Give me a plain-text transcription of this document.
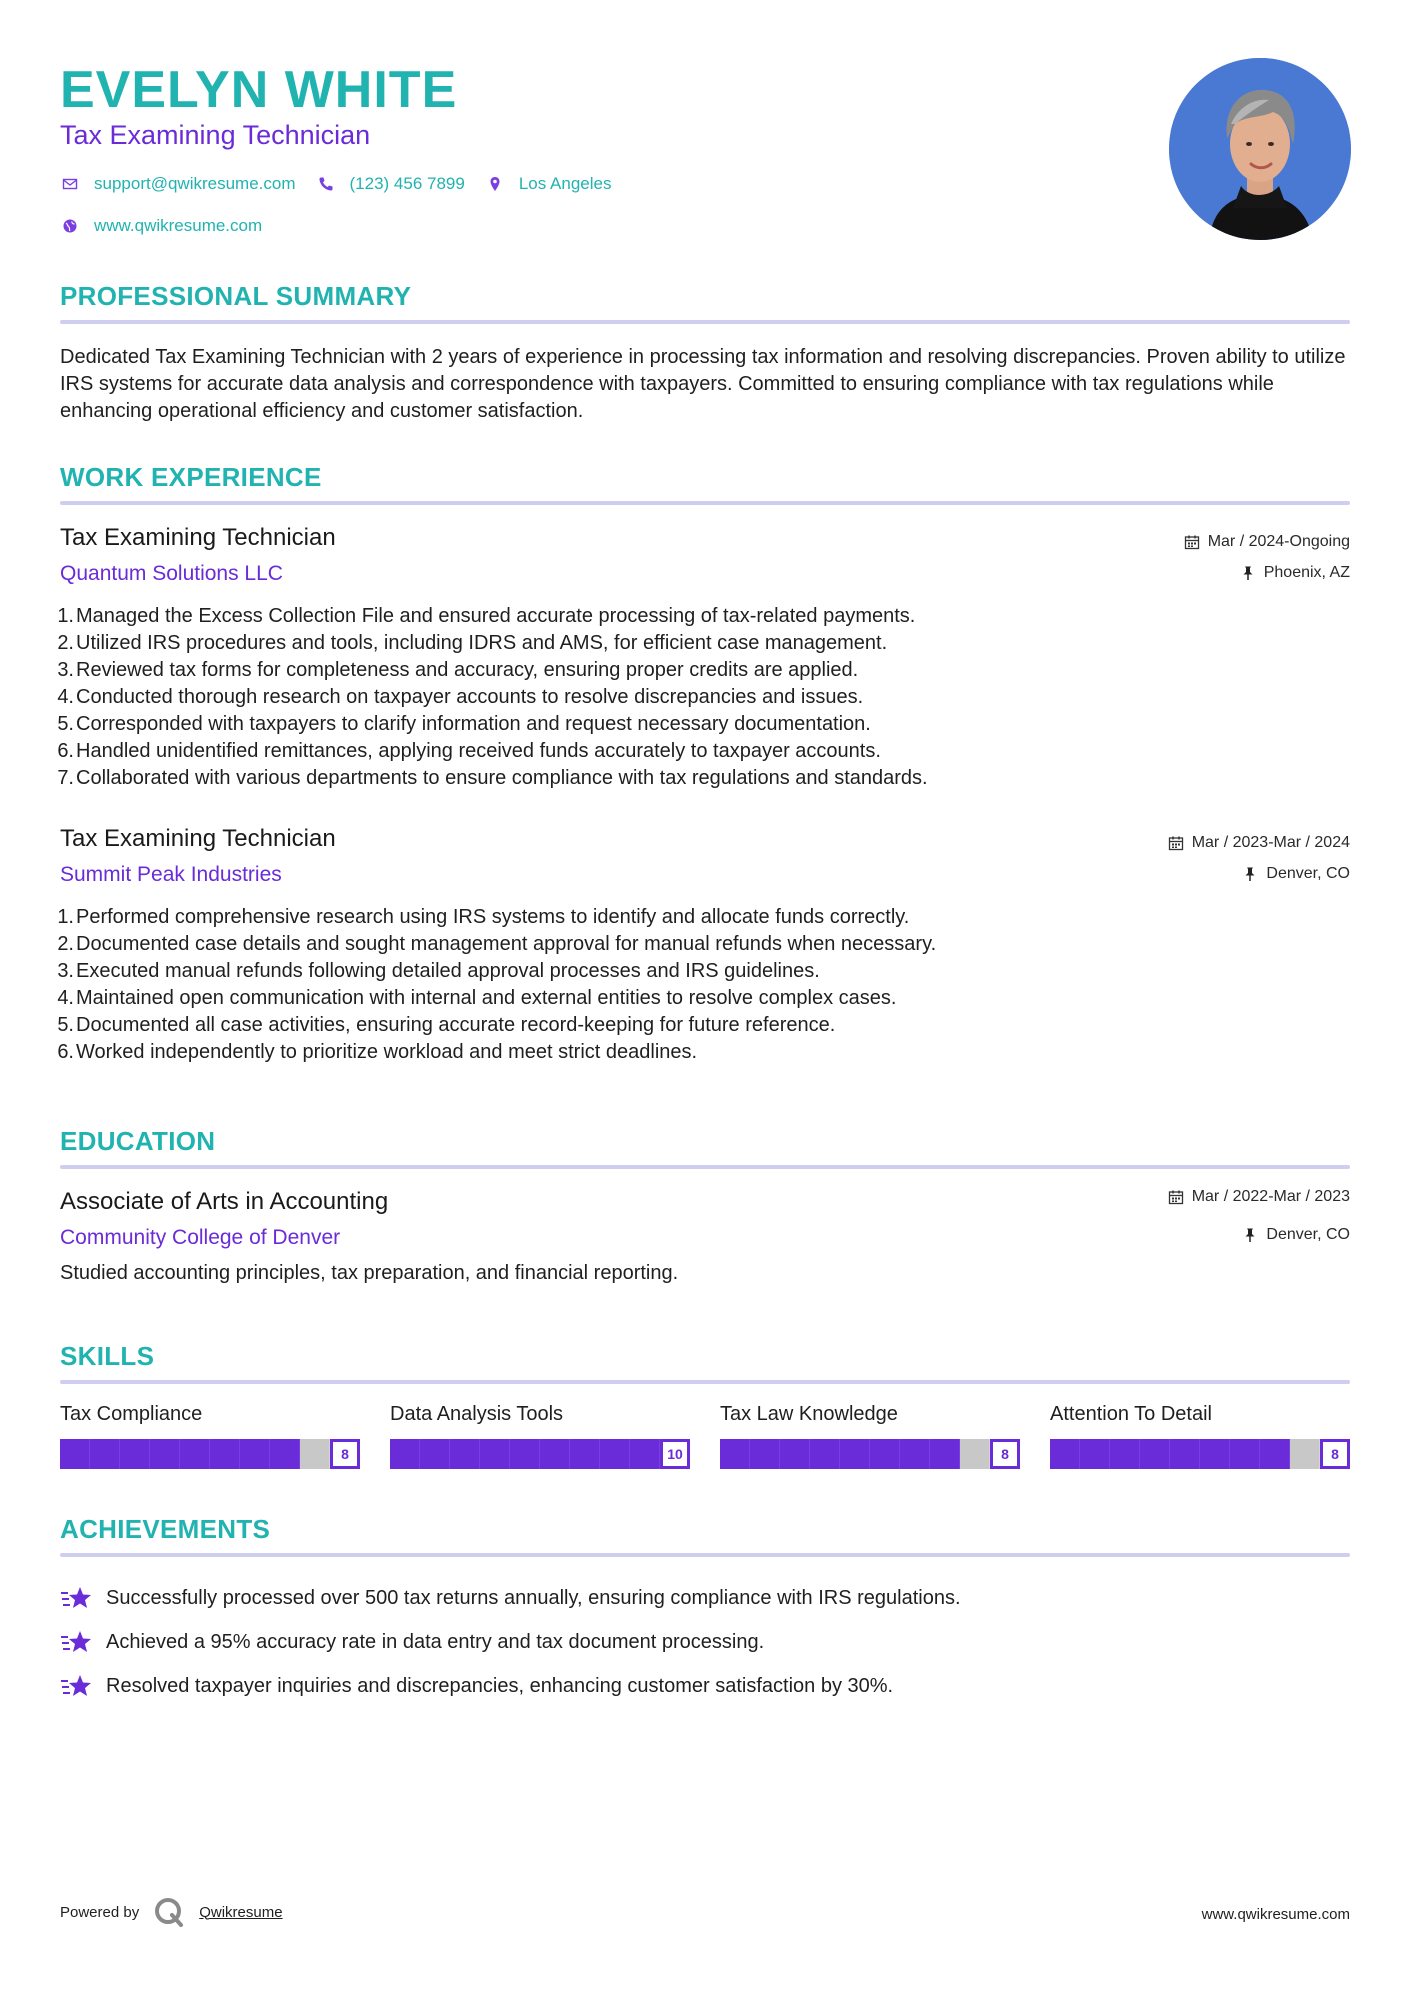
EVELYN WHITE
Tax Examining Technician
support@qwikresume.com	(123) 456 7899	Los Angeles
www.qwikresume.com
PROFESSIONAL SUMMARY
Dedicated Tax Examining Technician with 2 years of experience in processing tax information and resolving discrepancies. Proven ability to utilize IRS systems for accurate data analysis and correspondence with taxpayers. Committed to ensuring compliance with tax regulations while enhancing operational efficiency and customer satisfaction.
WORK EXPERIENCE
Tax Examining Technician
Quantum Solutions LLC
Mar / 2024-Ongoing
Phoenix, AZ
1. Managed the Excess Collection File and ensured accurate processing of tax-related payments.
2. Utilized IRS procedures and tools, including IDRS and AMS, for efficient case management.
3. Reviewed tax forms for completeness and accuracy, ensuring proper credits are applied.
4. Conducted thorough research on taxpayer accounts to resolve discrepancies and issues.
5. Corresponded with taxpayers to clarify information and request necessary documentation.
6. Handled unidentified remittances, applying received funds accurately to taxpayer accounts.
7. Collaborated with various departments to ensure compliance with tax regulations and standards.
Tax Examining Technician
Summit Peak Industries
Mar / 2023-Mar / 2024
Denver, CO
1. Performed comprehensive research using IRS systems to identify and allocate funds correctly.
2. Documented case details and sought management approval for manual refunds when necessary.
3. Executed manual refunds following detailed approval processes and IRS guidelines.
4. Maintained open communication with internal and external entities to resolve complex cases.
5. Documented all case activities, ensuring accurate record-keeping for future reference.
6. Worked independently to prioritize workload and meet strict deadlines.
EDUCATION
Associate of Arts in Accounting
Community College of Denver
Mar / 2022-Mar / 2023
Denver, CO
Studied accounting principles, tax preparation, and financial reporting.
SKILLS
Tax Compliance
8
Data Analysis Tools
10
Tax Law Knowledge
8
Attention To Detail
8
ACHIEVEMENTS
Successfully processed over 500 tax returns annually, ensuring compliance with IRS regulations.
Achieved a 95% accuracy rate in data entry and tax document processing.
Resolved taxpayer inquiries and discrepancies, enhancing customer satisfaction by 30%.
Powered by	Qwikresume	www.qwikresume.com
